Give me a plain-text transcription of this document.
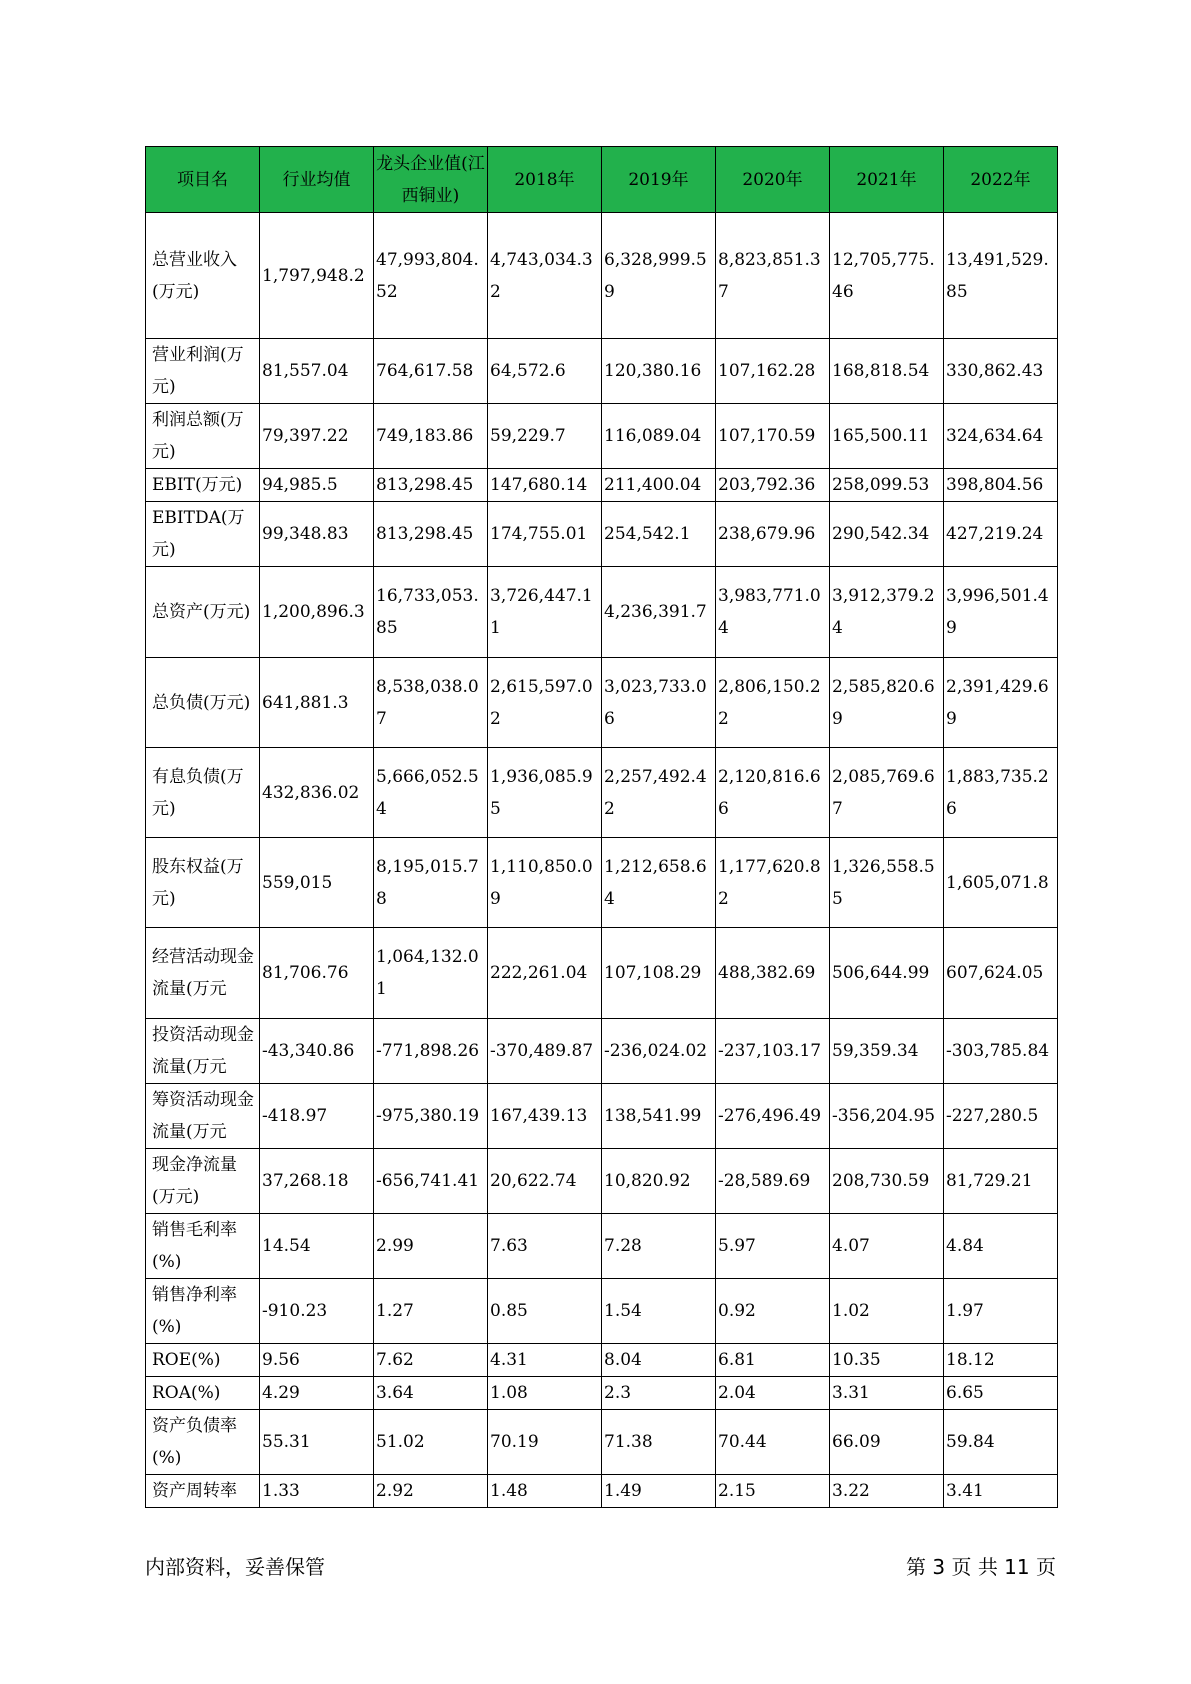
项目名	行业均值	龙头企业值(江西铜业)	2018年	2019年	2020年	2021年	2022年
总营业收入(万元)	1,797,948.2	47,993,804.52	4,743,034.32	6,328,999.59	8,823,851.37	12,705,775.46	13,491,529.85
营业利润(万元)	81,557.04	764,617.58	64,572.6	120,380.16	107,162.28	168,818.54	330,862.43
利润总额(万元)	79,397.22	749,183.86	59,229.7	116,089.04	107,170.59	165,500.11	324,634.64
EBIT(万元)	94,985.5	813,298.45	147,680.14	211,400.04	203,792.36	258,099.53	398,804.56
EBITDA(万元)	99,348.83	813,298.45	174,755.01	254,542.1	238,679.96	290,542.34	427,219.24
总资产(万元)	1,200,896.3	16,733,053.85	3,726,447.11	4,236,391.7	3,983,771.04	3,912,379.24	3,996,501.49
总负债(万元)	641,881.3	8,538,038.07	2,615,597.02	3,023,733.06	2,806,150.22	2,585,820.69	2,391,429.69
有息负债(万元)	432,836.02	5,666,052.54	1,936,085.95	2,257,492.42	2,120,816.66	2,085,769.67	1,883,735.26
股东权益(万元)	559,015	8,195,015.78	1,110,850.09	1,212,658.64	1,177,620.82	1,326,558.55	1,605,071.8
经营活动现金流量(万元	81,706.76	1,064,132.01	222,261.04	107,108.29	488,382.69	506,644.99	607,624.05
投资活动现金流量(万元	-43,340.86	-771,898.26	-370,489.87	-236,024.02	-237,103.17	59,359.34	-303,785.84
筹资活动现金流量(万元	-418.97	-975,380.19	167,439.13	138,541.99	-276,496.49	-356,204.95	-227,280.5
现金净流量(万元)	37,268.18	-656,741.41	20,622.74	10,820.92	-28,589.69	208,730.59	81,729.21
销售毛利率(%)	14.54	2.99	7.63	7.28	5.97	4.07	4.84
销售净利率(%)	-910.23	1.27	0.85	1.54	0.92	1.02	1.97
ROE(%)	9.56	7.62	4.31	8.04	6.81	10.35	18.12
ROA(%)	4.29	3.64	1.08	2.3	2.04	3.31	6.65
资产负债率(%)	55.31	51.02	70.19	71.38	70.44	66.09	59.84
资产周转率	1.33	2.92	1.48	1.49	2.15	3.22	3.41
内部资料，妥善保管	第 3 页 共 11 页
